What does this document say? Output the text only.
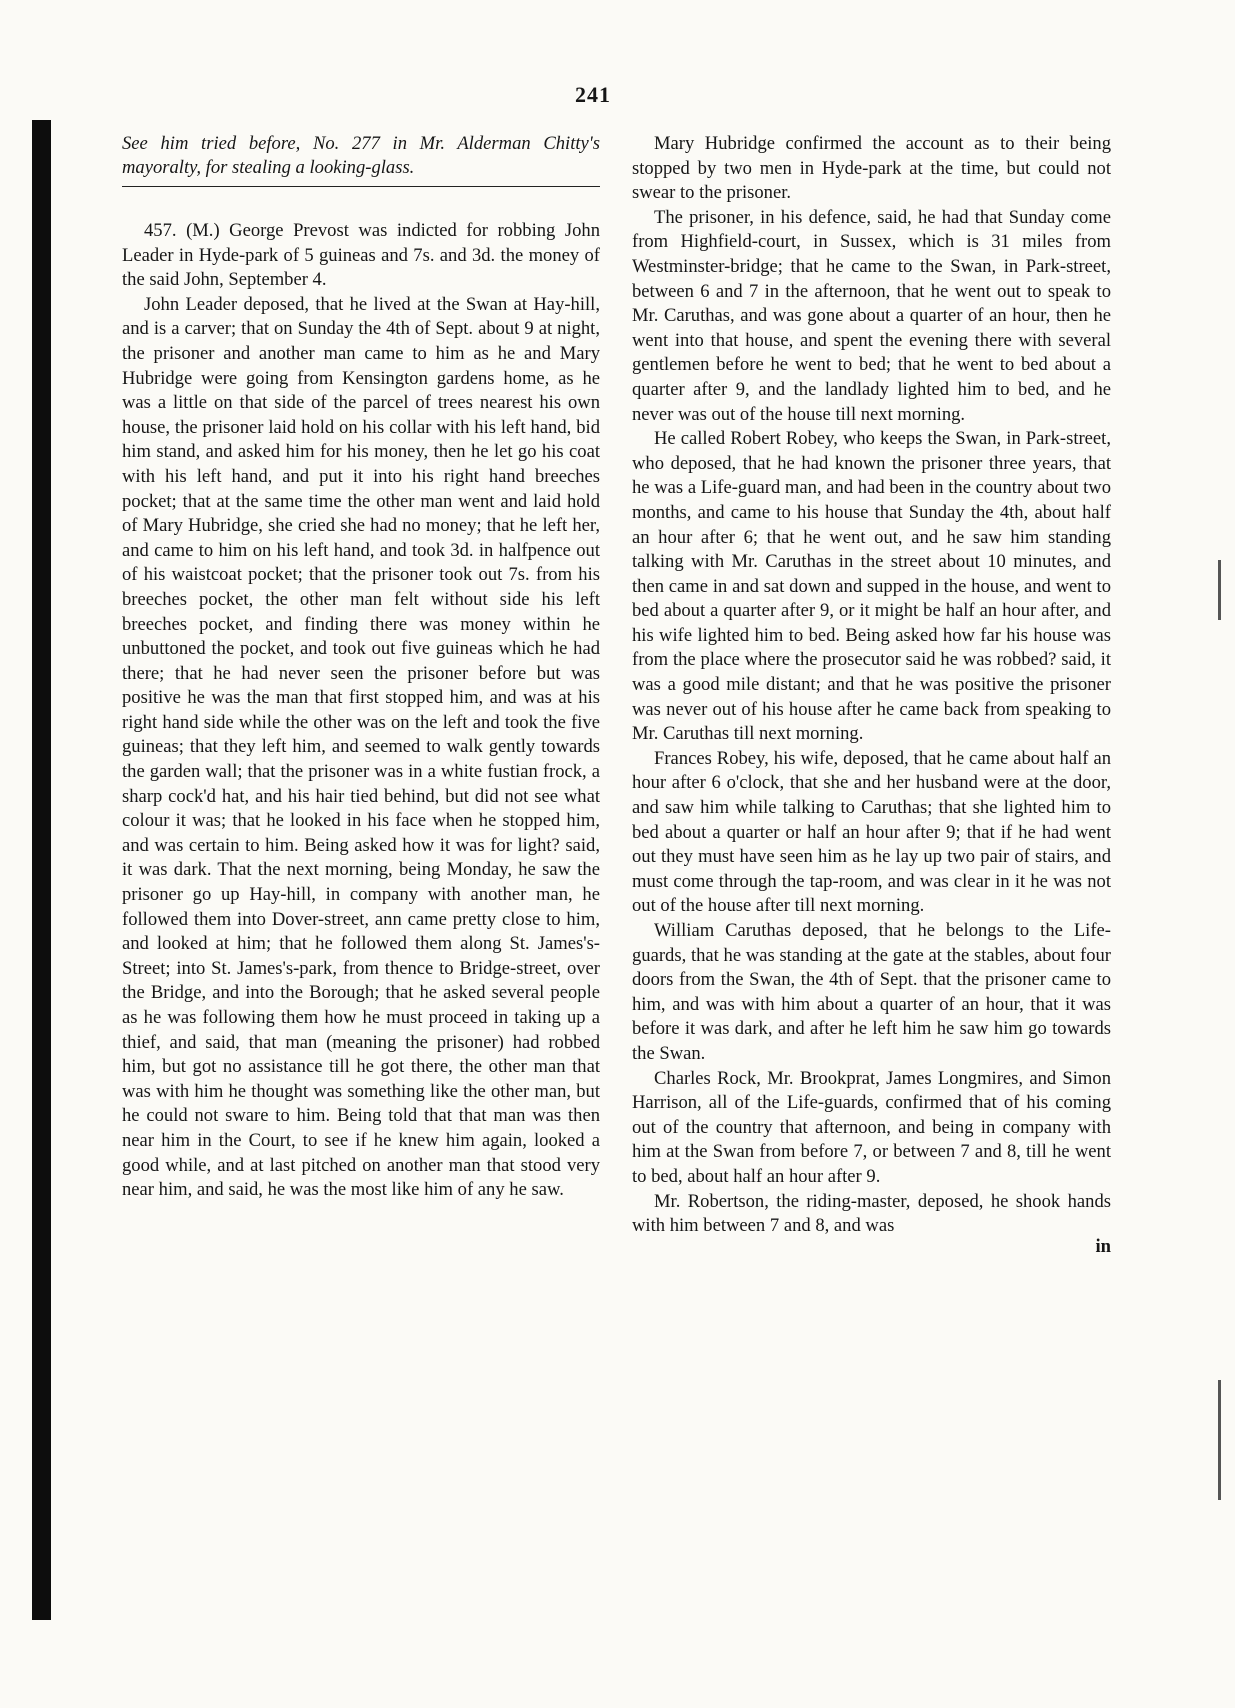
241

See him tried before, No. 277 in Mr. Alderman Chitty's mayoralty, for stealing a looking-glass.

457. (M.) George Prevost was indicted for robbing John Leader in Hyde-park of 5 guineas and 7s. and 3d. the money of the said John, September 4.

John Leader deposed, that he lived at the Swan at Hay-hill, and is a carver; that on Sunday the 4th of Sept. about 9 at night, the prisoner and another man came to him as he and Mary Hubridge were going from Kensington gardens home, as he was a little on that side of the parcel of trees nearest his own house, the prisoner laid hold on his collar with his left hand, bid him stand, and asked him for his money, then he let go his coat with his left hand, and put it into his right hand breeches pocket; that at the same time the other man went and laid hold of Mary Hubridge, she cried she had no money; that he left her, and came to him on his left hand, and took 3d. in halfpence out of his waistcoat pocket; that the prisoner took out 7s. from his breeches pocket, the other man felt without side his left breeches pocket, and finding there was money within he unbuttoned the pocket, and took out five guineas which he had there; that he had never seen the prisoner before but was positive he was the man that first stopped him, and was at his right hand side while the other was on the left and took the five guineas; that they left him, and seemed to walk gently towards the garden wall; that the prisoner was in a white fustian frock, a sharp cock'd hat, and his hair tied behind, but did not see what colour it was; that he looked in his face when he stopped him, and was certain to him. Being asked how it was for light? said, it was dark. That the next morning, being Monday, he saw the prisoner go up Hay-hill, in company with another man, he followed them into Dover-street, ann came pretty close to him, and looked at him; that he followed them along St. James's-Street; into St. James's-park, from thence to Bridge-street, over the Bridge, and into the Borough; that he asked several people as he was following them how he must proceed in taking up a thief, and said, that man (meaning the prisoner) had robbed him, but got no assistance till he got there, the other man that was with him he thought was something like the other man, but he could not sware to him. Being told that that man was then near him in the Court, to see if he knew him again, looked a good while, and at last pitched on another man that stood very near him, and said, he was the most like him of any he saw.

Mary Hubridge confirmed the account as to their being stopped by two men in Hyde-park at the time, but could not swear to the prisoner.

The prisoner, in his defence, said, he had that Sunday come from Highfield-court, in Sussex, which is 31 miles from Westminster-bridge; that he came to the Swan, in Park-street, between 6 and 7 in the afternoon, that he went out to speak to Mr. Caruthas, and was gone about a quarter of an hour, then he went into that house, and spent the evening there with several gentlemen before he went to bed; that he went to bed about a quarter after 9, and the landlady lighted him to bed, and he never was out of the house till next morning.

He called Robert Robey, who keeps the Swan, in Park-street, who deposed, that he had known the prisoner three years, that he was a Life-guard man, and had been in the country about two months, and came to his house that Sunday the 4th, about half an hour after 6; that he went out, and he saw him standing talking with Mr. Caruthas in the street about 10 minutes, and then came in and sat down and supped in the house, and went to bed about a quarter after 9, or it might be half an hour after, and his wife lighted him to bed. Being asked how far his house was from the place where the prosecutor said he was robbed? said, it was a good mile distant; and that he was positive the prisoner was never out of his house after he came back from speaking to Mr. Caruthas till next morning.

Frances Robey, his wife, deposed, that he came about half an hour after 6 o'clock, that she and her husband were at the door, and saw him while talking to Caruthas; that she lighted him to bed about a quarter or half an hour after 9; that if he had went out they must have seen him as he lay up two pair of stairs, and must come through the tap-room, and was clear in it he was not out of the house after till next morning.

William Caruthas deposed, that he belongs to the Life-guards, that he was standing at the gate at the stables, about four doors from the Swan, the 4th of Sept. that the prisoner came to him, and was with him about a quarter of an hour, that it was before it was dark, and after he left him he saw him go towards the Swan.

Charles Rock, Mr. Brookprat, James Longmires, and Simon Harrison, all of the Life-guards, confirmed that of his coming out of the country that afternoon, and being in company with him at the Swan from before 7, or between 7 and 8, till he went to bed, about half an hour after 9.

Mr. Robertson, the riding-master, deposed, he shook hands with him between 7 and 8, and was

in
